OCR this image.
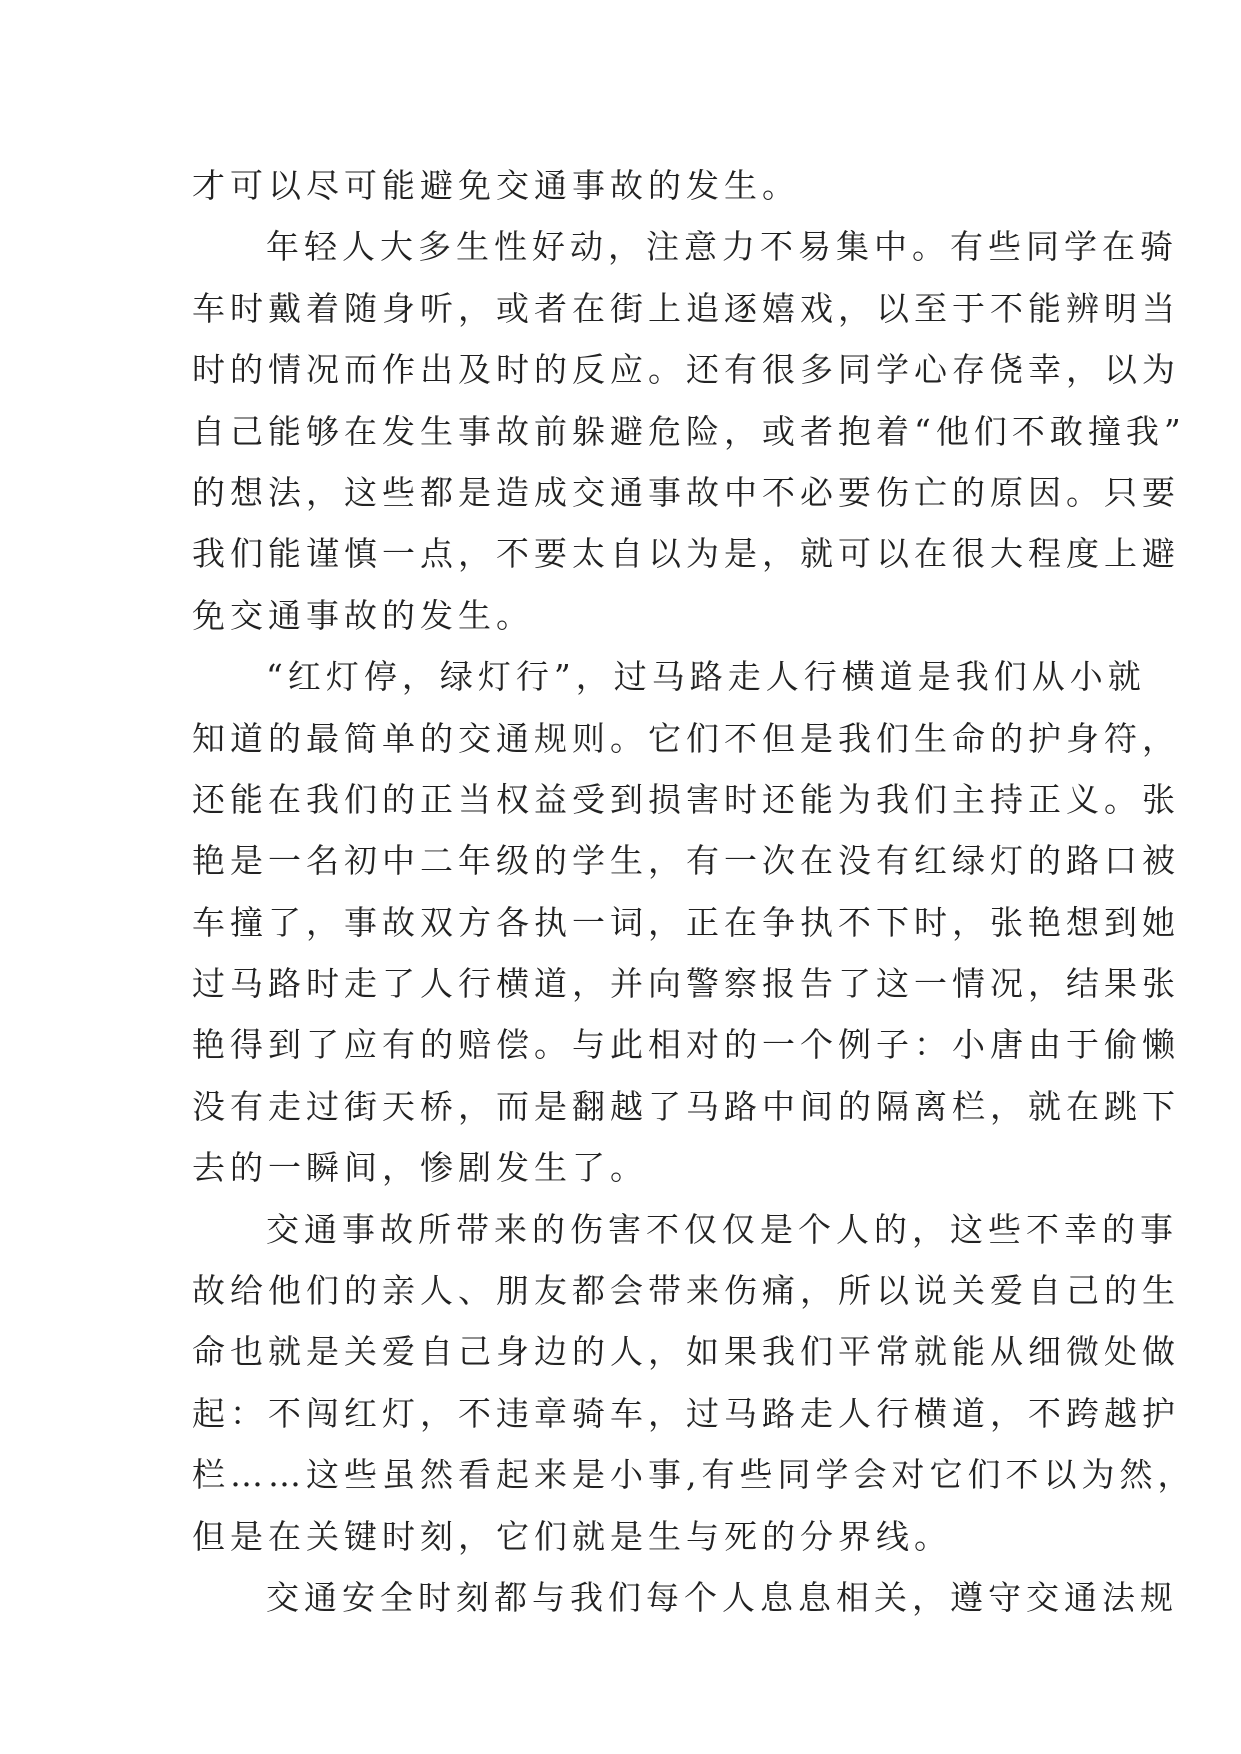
才可以尽可能避免交通事故的发生。
年轻人大多生性好动，注意力不易集中。有些同学在骑
车时戴着随身听，或者在街上追逐嬉戏，以至于不能辨明当
时的情况而作出及时的反应。还有很多同学心存侥幸，以为
自己能够在发生事故前躲避危险，或者抱着“他们不敢撞我”
的想法，这些都是造成交通事故中不必要伤亡的原因。只要
我们能谨慎一点，不要太自以为是，就可以在很大程度上避
免交通事故的发生。
“红灯停，绿灯行”，过马路走人行横道是我们从小就
知道的最简单的交通规则。它们不但是我们生命的护身符，
还能在我们的正当权益受到损害时还能为我们主持正义。张
艳是一名初中二年级的学生，有一次在没有红绿灯的路口被
车撞了，事故双方各执一词，正在争执不下时，张艳想到她
过马路时走了人行横道，并向警察报告了这一情况，结果张
艳得到了应有的赔偿。与此相对的一个例子：小唐由于偷懒
没有走过街天桥，而是翻越了马路中间的隔离栏，就在跳下
去的一瞬间，惨剧发生了。
交通事故所带来的伤害不仅仅是个人的，这些不幸的事
故给他们的亲人、朋友都会带来伤痛，所以说关爱自己的生
命也就是关爱自己身边的人，如果我们平常就能从细微处做
起：不闯红灯，不违章骑车，过马路走人行横道，不跨越护
栏……这些虽然看起来是小事,有些同学会对它们不以为然，
但是在关键时刻，它们就是生与死的分界线。
交通安全时刻都与我们每个人息息相关，遵守交通法规
